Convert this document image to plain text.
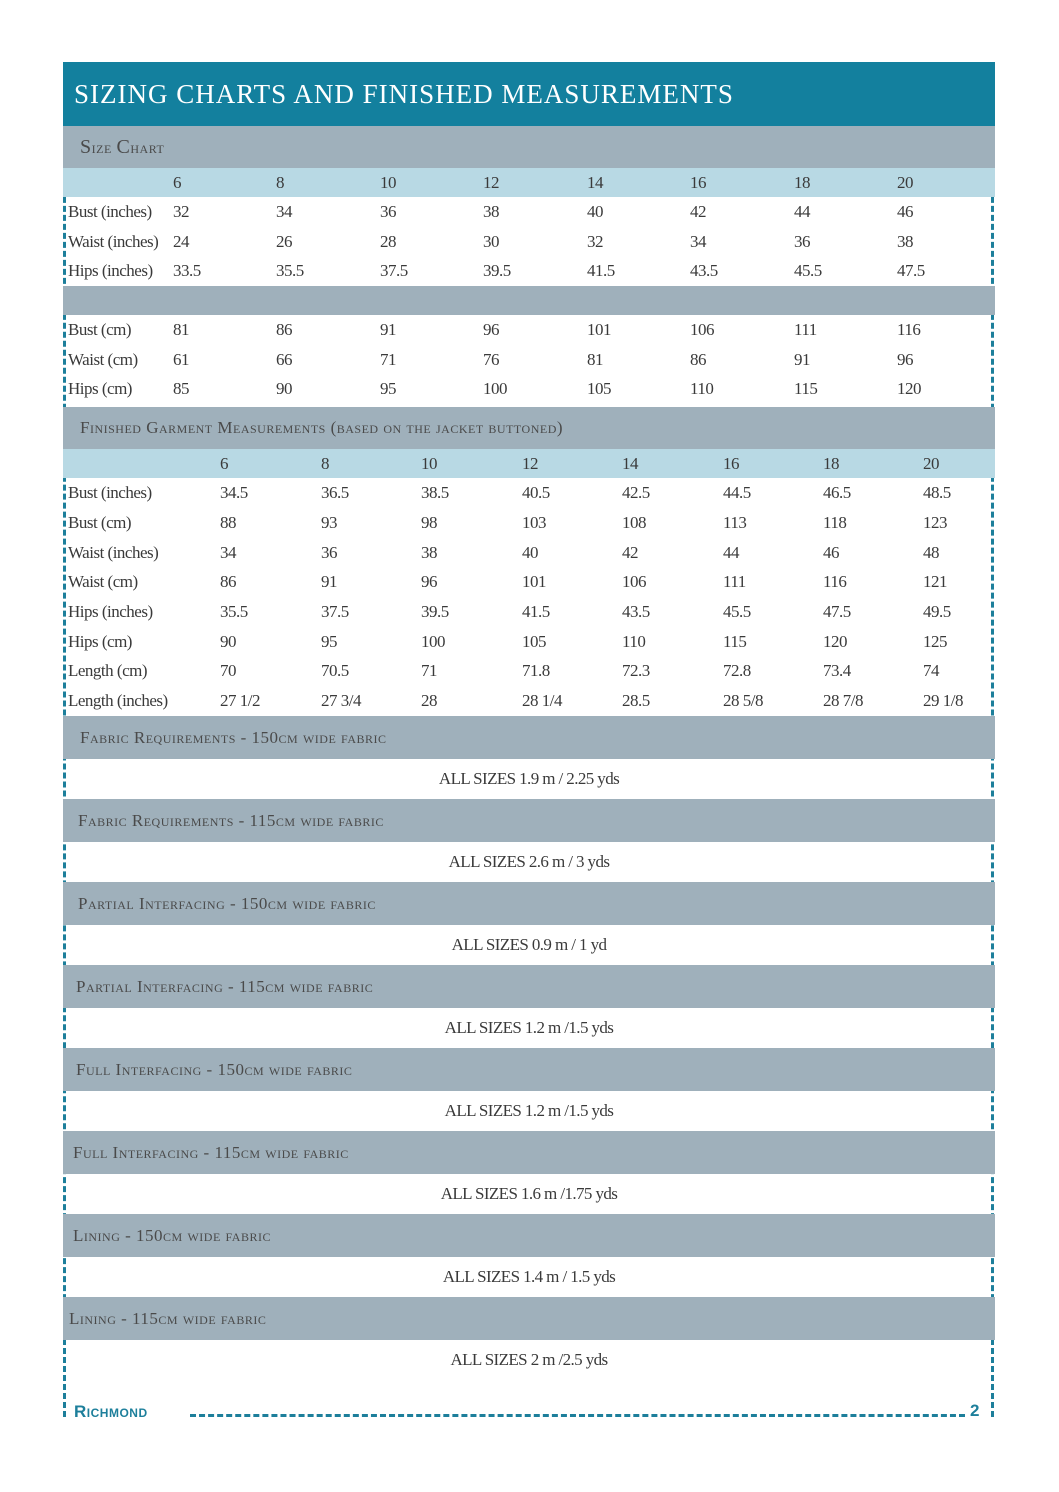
SIZING CHARTS AND FINISHED MEASUREMENTS
Size Chart
6	8	10	12	14	16	18	20
Bust (inches) 32	34	36	38	40	42	44	46
Waist (inches) 24	26	28	30	32	34	36	38
Hips (inches) 33.5	35.5	37.5	39.5	41.5	43.5	45.5	47.5
Bust (cm) 81	86	91	96	101	106	111	116
Waist (cm) 61	66	71	76	81	86	91	96
Hips (cm) 85	90	95	100	105	110	115	120
Finished Garment Measurements (based on the jacket buttoned)
6	8	10	12	14	16	18	20
Bust (inches)	34.5	36.5	38.5	40.5	42.5	44.5	46.5	48.5
Bust (cm)	88	93	98	103	108	113	118	123
Waist (inches)	34	36	38	40	42	44	46	48
Waist (cm)	86	91	96	101	106	111	116	121
Hips (inches)	35.5	37.5	39.5	41.5	43.5	45.5	47.5	49.5
Hips (cm)	90	95	100	105	110	115	120	125
Length (cm)	70	70.5	71	71.8	72.3	72.8	73.4	74
Length (inches)	27 1/2	27 3/4	28	28 1/4	28.5	28 5/8	28 7/8	29 1/8
Fabric Requirements - 150cm wide fabric
ALL SIZES 1.9 m / 2.25 yds
Fabric Requirements - 115cm wide fabric
ALL SIZES 2.6 m / 3 yds
Partial Interfacing - 150cm wide fabric
ALL SIZES 0.9 m / 1 yd
Partial Interfacing - 115cm wide fabric
ALL SIZES 1.2 m /1.5 yds
Full Interfacing - 150cm wide fabric
ALL SIZES 1.2 m /1.5 yds
Full Interfacing - 115cm wide fabric
ALL SIZES 1.6 m /1.75 yds
Lining - 150cm wide fabric
ALL SIZES 1.4 m / 1.5 yds
Lining - 115cm wide fabric
ALL SIZES 2 m /2.5 yds
Richmond	2
